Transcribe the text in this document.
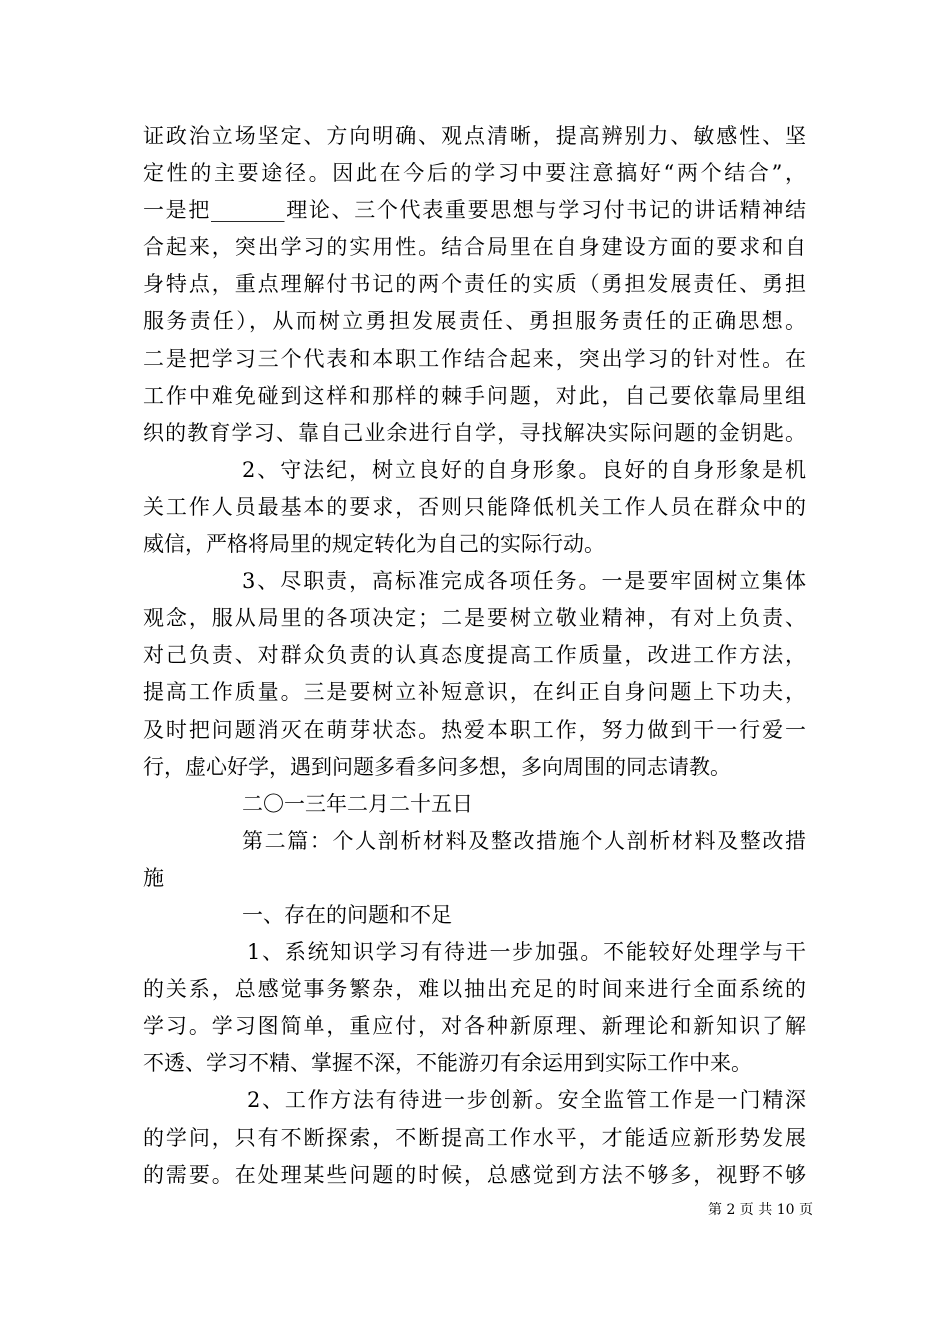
证政治立场坚定、方向明确、观点清晰，提高辨别力、敏感性、坚
定性的主要途径。因此在今后的学习中要注意搞好“两个结合”，
一是把_______理论、三个代表重要思想与学习付书记的讲话精神结
合起来，突出学习的实用性。结合局里在自身建设方面的要求和自
身特点，重点理解付书记的两个责任的实质（勇担发展责任、勇担
服务责任），从而树立勇担发展责任、勇担服务责任的正确思想。
二是把学习三个代表和本职工作结合起来，突出学习的针对性。在
工作中难免碰到这样和那样的棘手问题，对此，自己要依靠局里组
织的教育学习、靠自己业余进行自学，寻找解决实际问题的金钥匙。
2、守法纪，树立良好的自身形象。良好的自身形象是机
关工作人员最基本的要求，否则只能降低机关工作人员在群众中的
威信，严格将局里的规定转化为自己的实际行动。
3、尽职责，高标准完成各项任务。一是要牢固树立集体
观念，服从局里的各项决定；二是要树立敬业精神，有对上负责、
对己负责、对群众负责的认真态度提高工作质量，改进工作方法，
提高工作质量。三是要树立补短意识，在纠正自身问题上下功夫，
及时把问题消灭在萌芽状态。热爱本职工作，努力做到干一行爱一
行，虚心好学，遇到问题多看多问多想，多向周围的同志请教。
二〇一三年二月二十五日
第二篇：个人剖析材料及整改措施个人剖析材料及整改措
施
一、存在的问题和不足
1、系统知识学习有待进一步加强。不能较好处理学与干
的关系，总感觉事务繁杂，难以抽出充足的时间来进行全面系统的
学习。学习图简单，重应付，对各种新原理、新理论和新知识了解
不透、学习不精、掌握不深，不能游刃有余运用到实际工作中来。
2、工作方法有待进一步创新。安全监管工作是一门精深
的学问，只有不断探索，不断提高工作水平，才能适应新形势发展
的需要。在处理某些问题的时候，总感觉到方法不够多，视野不够
第 2 页 共 10 页
